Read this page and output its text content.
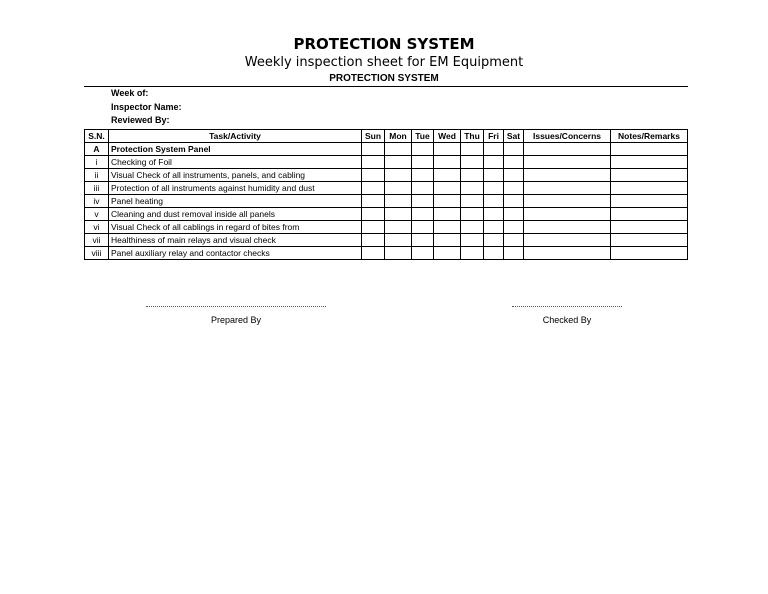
PROTECTION SYSTEM
Weekly inspection sheet for EM Equipment
PROTECTION SYSTEM
Week of:
Inspector Name:
Reviewed By:
S.N.	Task/Activity	Sun	Mon	Tue	Wed	Thu	Fri	Sat	Issues/Concerns	Notes/Remarks
A	Protection System Panel									
i	Checking of Foil									
ii	Visual Check of all instruments, panels, and cabling									
iii	Protection of all instruments against humidity and dust									
iv	Panel heating									
v	Cleaning and dust removal inside all panels									
vi	Visual Check of all cablings in regard of bites from									
vii	Healthiness of main relays and visual check									
viii	Panel auxiliary relay and contactor checks									
Prepared By	Checked By
